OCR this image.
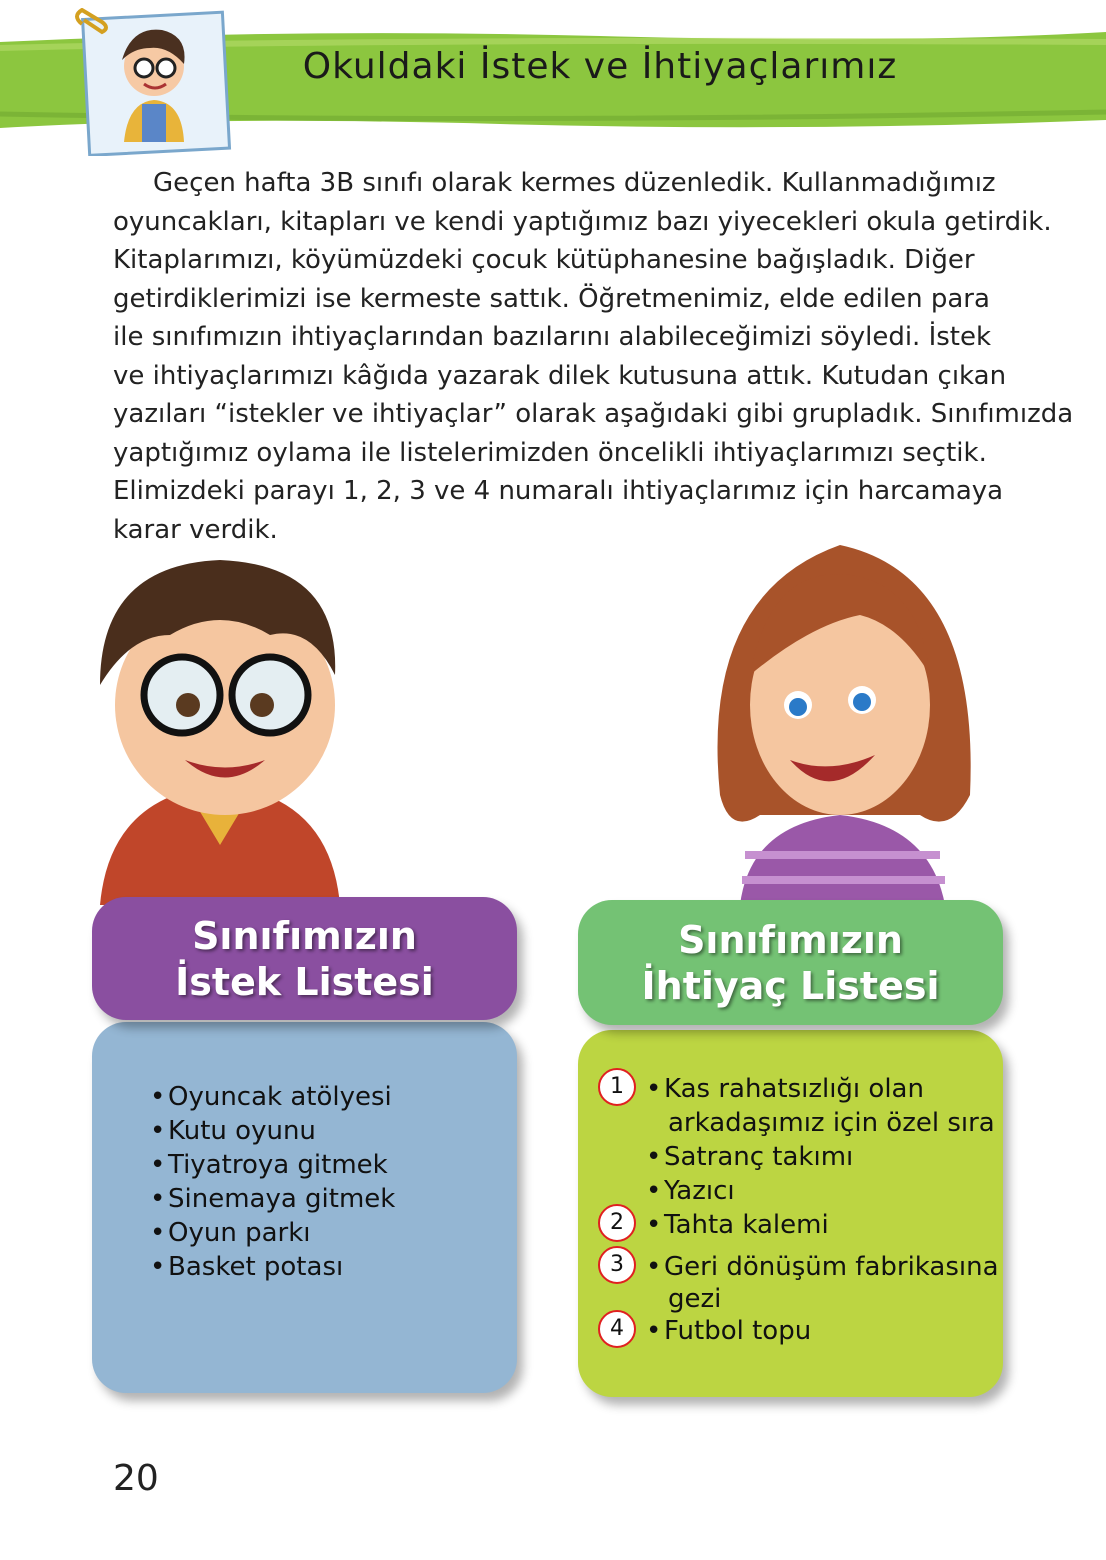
Okuldaki İstek ve İhtiyaçlarımız
Geçen hafta 3B sınıfı olarak kermes düzenledik. Kullanmadığımız
oyuncakları, kitapları ve kendi yaptığımız bazı yiyecekleri okula getirdik.
Kitaplarımızı, köyümüzdeki çocuk kütüphanesine bağışladık. Diğer
getirdiklerimizi ise kermeste sattık. Öğretmenimiz, elde edilen para
ile sınıfımızın ihtiyaçlarından bazılarını alabileceğimizi söyledi. İstek
ve ihtiyaçlarımızı kâğıda yazarak dilek kutusuna attık. Kutudan çıkan
yazıları “istekler ve ihtiyaçlar” olarak aşağıdaki gibi grupladık. Sınıfımızda
yaptığımız oylama ile listelerimizden öncelikli ihtiyaçlarımızı seçtik.
Elimizdeki parayı 1, 2, 3 ve 4 numaralı ihtiyaçlarımız için harcamaya
karar verdik.
Sınıfımızın
İstek Listesi
• Oyuncak atölyesi
• Kutu oyunu
• Tiyatroya gitmek
• Sinemaya gitmek
• Oyun parkı
• Basket potası
Sınıfımızın
İhtiyaç Listesi
1 • Kas rahatsızlığı olan
arkadaşımız için özel sıra
• Satranç takımı
• Yazıcı
2 • Tahta kalemi
3 • Geri dönüşüm fabrikasına
gezi
4 • Futbol topu
20
